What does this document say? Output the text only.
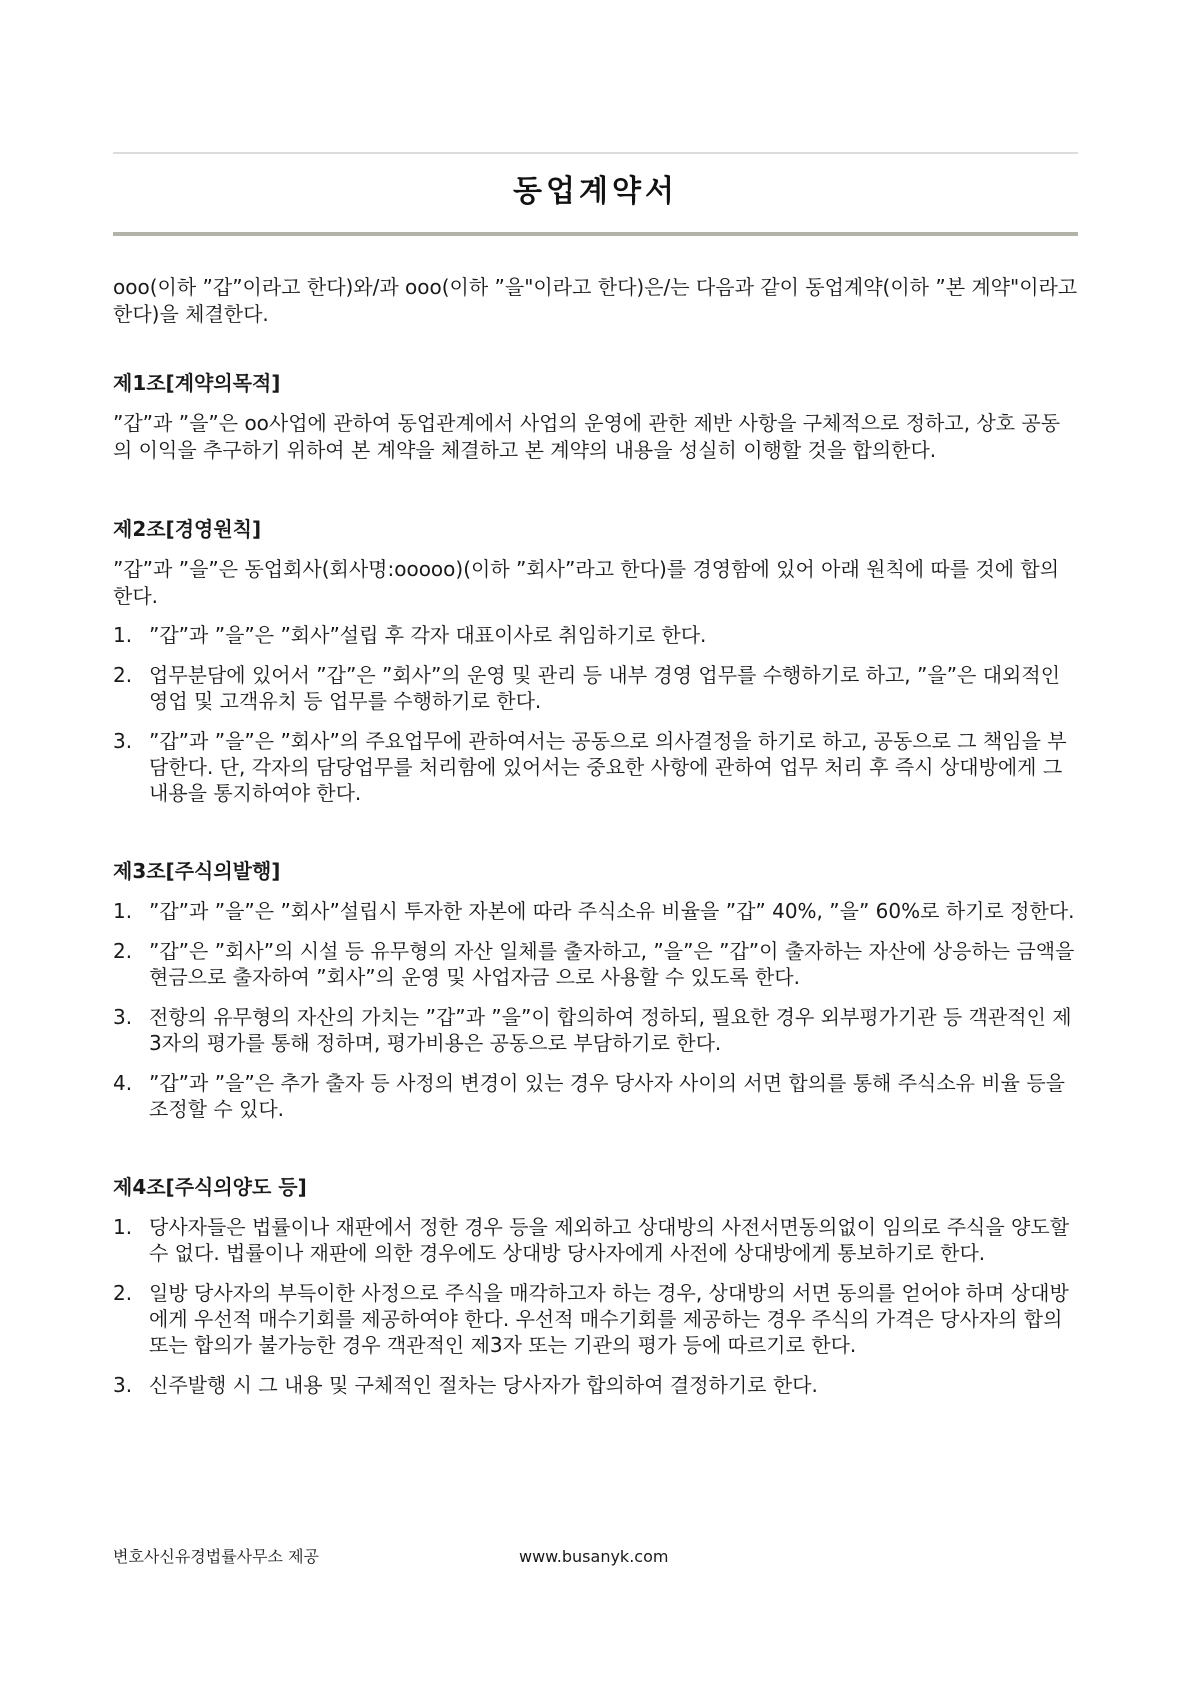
동업계약서

ooo(이하 ”갑”이라고 한다)와/과 ooo(이하 ”을"이라고 한다)은/는 다음과 같이 동업계약(이하 ”본 계약"이라고 한다)을 체결한다.

제1조[계약의목적]

”갑”과 ”을”은 oo사업에 관하여 동업관계에서 사업의 운영에 관한 제반 사항을 구체적으로 정하고, 상호 공동의 이익을 추구하기 위하여 본 계약을 체결하고 본 계약의 내용을 성실히 이행할 것을 합의한다.

제2조[경영원칙]

”갑”과 ”을”은 동업회사(회사명:ooooo)(이하 ”회사”라고 한다)를 경영함에 있어 아래 원칙에 따를 것에 합의한다.

1. ”갑”과 ”을”은 ”회사”설립 후 각자 대표이사로 취임하기로 한다.
2. 업무분담에 있어서 ”갑”은 ”회사”의 운영 및 관리 등 내부 경영 업무를 수행하기로 하고, ”을”은 대외적인 영업 및 고객유치 등 업무를 수행하기로 한다.
3. ”갑”과 ”을”은 ”회사”의 주요업무에 관하여서는 공동으로 의사결정을 하기로 하고, 공동으로 그 책임을 부담한다. 단, 각자의 담당업무를 처리함에 있어서는 중요한 사항에 관하여 업무 처리 후 즉시 상대방에게 그 내용을 통지하여야 한다.
제3조[주식의발행]
1. ”갑”과 ”을”은 ”회사”설립시 투자한 자본에 따라 주식소유 비율을 ”갑” 40%, ”을” 60%로 하기로 정한다.
2. ”갑”은 ”회사”의 시설 등 유무형의 자산 일체를 출자하고, ”을”은 ”갑”이 출자하는 자산에 상응하는 금액을 현금으로 출자하여 ”회사”의 운영 및 사업자금 으로 사용할 수 있도록 한다.
3. 전항의 유무형의 자산의 가치는 ”갑”과 ”을”이 합의하여 정하되, 필요한 경우 외부평가기관 등 객관적인 제3자의 평가를 통해 정하며, 평가비용은 공동으로 부담하기로 한다.
4. ”갑”과 ”을”은 추가 출자 등 사정의 변경이 있는 경우 당사자 사이의 서면 합의를 통해 주식소유 비율 등을 조정할 수 있다.
제4조[주식의양도 등]
1. 당사자들은 법률이나 재판에서 정한 경우 등을 제외하고 상대방의 사전서면동의없이 임의로 주식을 양도할 수 없다. 법률이나 재판에 의한 경우에도 상대방 당사자에게 사전에 상대방에게 통보하기로 한다.
2. 일방 당사자의 부득이한 사정으로 주식을 매각하고자 하는 경우, 상대방의 서면 동의를 얻어야 하며 상대방에게 우선적 매수기회를 제공하여야 한다. 우선적 매수기회를 제공하는 경우 주식의 가격은 당사자의 합의 또는 합의가 불가능한 경우 객관적인 제3자 또는 기관의 평가 등에 따르기로 한다.
3. 신주발행 시 그 내용 및 구체적인 절차는 당사자가 합의하여 결정하기로 한다.
변호사신유경법률사무소 제공	www.busanyk.com
